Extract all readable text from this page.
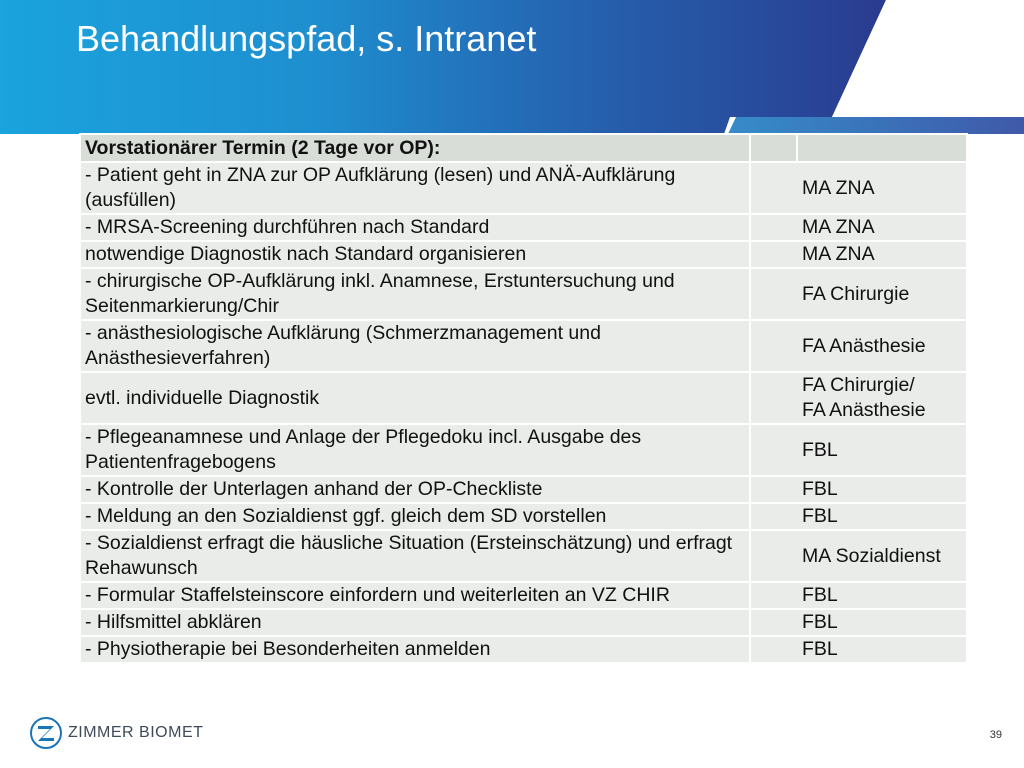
Behandlungspfad, s. Intranet
Vorstationärer Termin (2 Tage vor OP):		
- Patient geht in ZNA zur OP Aufklärung (lesen) und ANÄ-Aufklärung (ausfüllen)	MA ZNA	

- MRSA-Screening durchführen nach Standard	MA ZNA	

notwendige Diagnostik nach Standard organisieren	MA ZNA	

- chirurgische OP-Aufklärung inkl. Anamnese, Erstuntersuchung und Seitenmarkierung/Chir	FA Chirurgie	

- anästhesiologische Aufklärung (Schmerzmanagement und Anästhesieverfahren)	FA Anästhesie	

evtl. individuelle Diagnostik	FA Chirurgie/
FA Anästhesie	

- Pflegeanamnese und Anlage der Pflegedoku incl. Ausgabe des Patientenfragebogens	FBL	

- Kontrolle der Unterlagen anhand der OP-Checkliste	FBL	

- Meldung an den Sozialdienst ggf. gleich dem SD vorstellen	FBL	

- Sozialdienst erfragt die häusliche Situation (Ersteinschätzung) und erfragt Rehawunsch	MA Sozialdienst	

- Formular Staffelsteinscore einfordern und weiterleiten an VZ CHIR	FBL	

- Hilfsmittel abklären	FBL	

- Physiotherapie bei Besonderheiten anmelden	FBL	
ZIMMER BIOMET	39
